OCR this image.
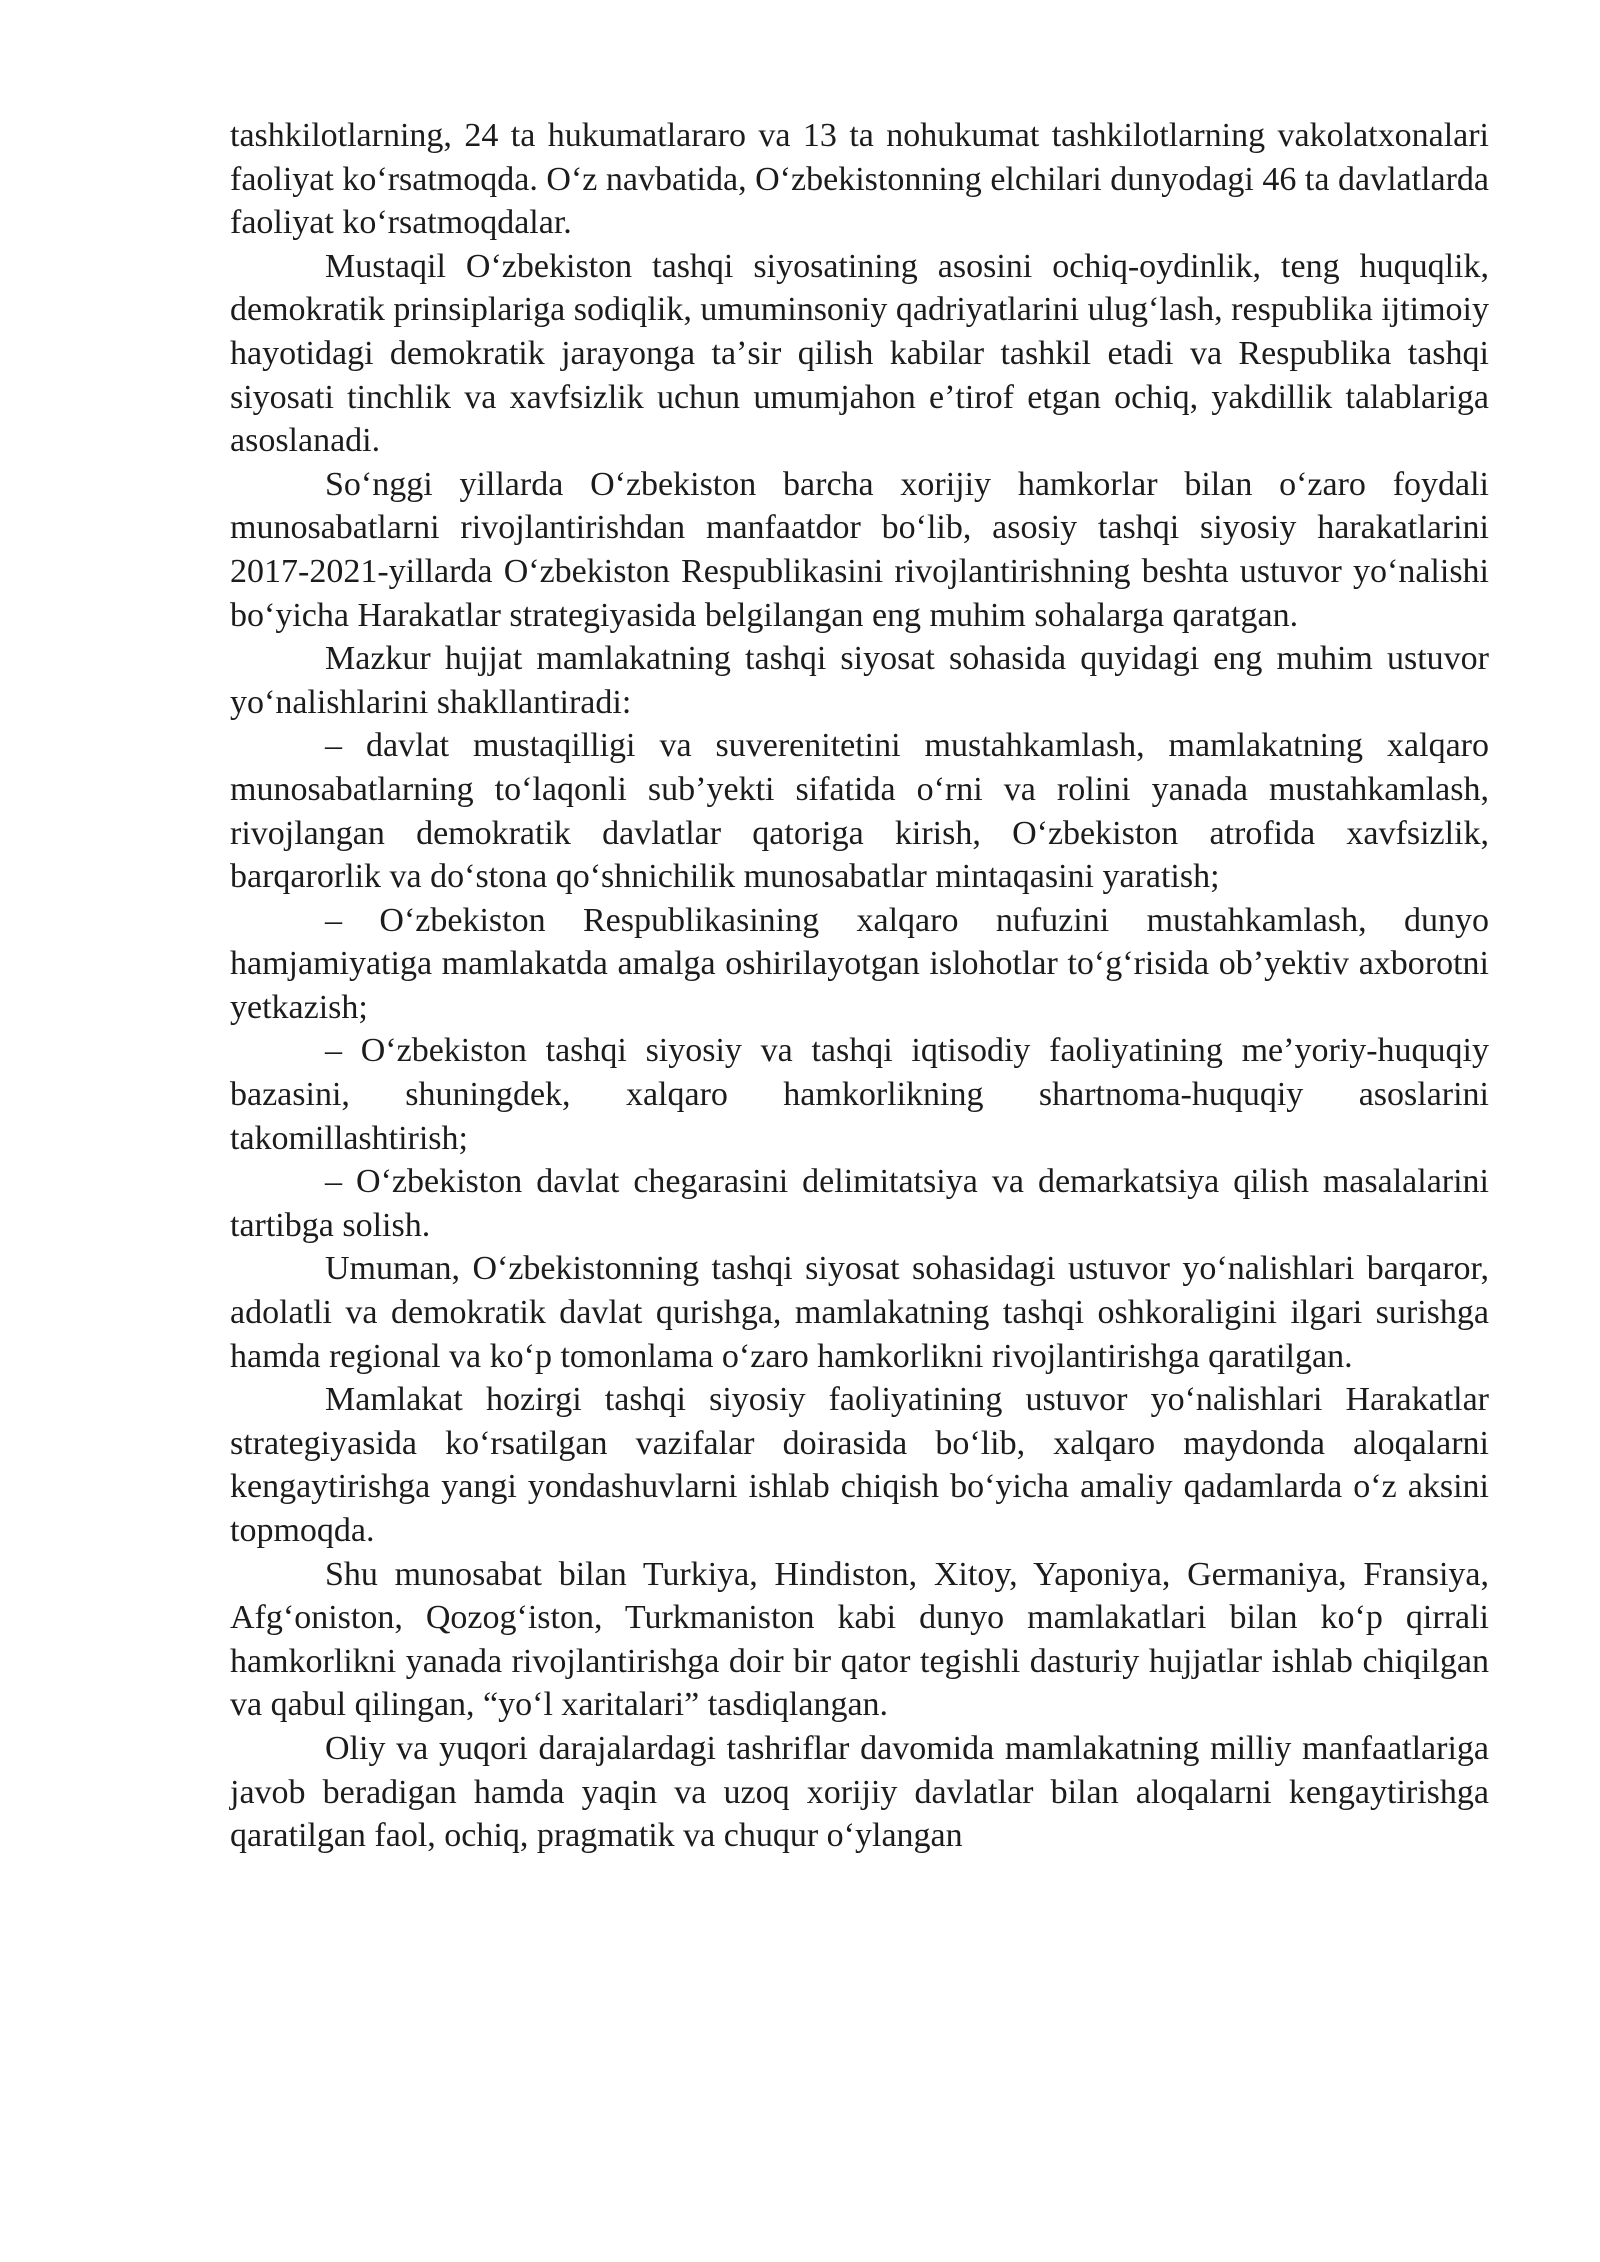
tashkilotlarning, 24 ta hukumatlararo va 13 ta nohukumat tashkilotlarning vakolatxonalari faoliyat koʻrsatmoqda. Oʻz navbatida, Oʻzbekistonning elchilari dunyodagi 46 ta davlatlarda faoliyat koʻrsatmoqdalar.

Mustaqil Oʻzbekiston tashqi siyosatining asosini ochiq-oydinlik, teng huquqlik, demokratik prinsiplariga sodiqlik, umuminsoniy qadriyatlarini ulugʻlash, respublika ijtimoiy hayotidagi demokratik jarayonga taʼsir qilish kabilar tashkil etadi va Respublika tashqi siyosati tinchlik va xavfsizlik uchun umumjahon eʼtirof etgan ochiq, yakdillik talablariga asoslanadi.

Soʻnggi yillarda Oʻzbekiston barcha xorijiy hamkorlar bilan oʻzaro foydali munosabatlarni rivojlantirishdan manfaatdor boʻlib, asosiy tashqi siyosiy harakatlarini 2017-2021-yillarda Oʻzbekiston Respublikasini rivojlantirishning beshta ustuvor yoʻnalishi boʻyicha Harakatlar strategiyasida belgilangan eng muhim sohalarga qaratgan.

Mazkur hujjat mamlakatning tashqi siyosat sohasida quyidagi eng muhim ustuvor yoʻnalishlarini shakllantiradi:

– davlat mustaqilligi va suverenitetini mustahkamlash, mamlakatning xalqaro munosabatlarning toʻlaqonli subʼyekti sifatida oʻrni va rolini yanada mustahkamlash, rivojlangan demokratik davlatlar qatoriga kirish, Oʻzbekiston atrofida xavfsizlik, barqarorlik va doʻstona qoʻshnichilik munosabatlar mintaqasini yaratish;

– Oʻzbekiston Respublikasining xalqaro nufuzini mustahkamlash, dunyo hamjamiyatiga mamlakatda amalga oshirilayotgan islohotlar toʻgʻrisida obʼyektiv axborotni yetkazish;

– Oʻzbekiston tashqi siyosiy va tashqi iqtisodiy faoliyatining meʼyoriy-huquqiy bazasini, shuningdek, xalqaro hamkorlikning shartnoma-huquqiy asoslarini takomillashtirish;

– Oʻzbekiston davlat chegarasini delimitatsiya va demarkatsiya qilish masalalarini tartibga solish.

Umuman, Oʻzbekistonning tashqi siyosat sohasidagi ustuvor yoʻnalishlari barqaror, adolatli va demokratik davlat qurishga, mamlakatning tashqi oshkoraligini ilgari surishga hamda regional va koʻp tomonlama oʻzaro hamkorlikni rivojlantirishga qaratilgan.

Mamlakat hozirgi tashqi siyosiy faoliyatining ustuvor yoʻnalishlari Harakatlar strategiyasida koʻrsatilgan vazifalar doirasida boʻlib, xalqaro maydonda aloqalarni kengaytirishga yangi yondashuvlarni ishlab chiqish boʻyicha amaliy qadamlarda oʻz aksini topmoqda.

Shu munosabat bilan Turkiya, Hindiston, Xitoy, Yaponiya, Germaniya, Fransiya, Afgʻoniston, Qozogʻiston, Turkmaniston kabi dunyo mamlakatlari bilan koʻp qirrali hamkorlikni yanada rivojlantirishga doir bir qator tegishli dasturiy hujjatlar ishlab chiqilgan va qabul qilingan, “yoʻl xaritalari” tasdiqlangan.

Oliy va yuqori darajalardagi tashriflar davomida mamlakatning milliy manfaatlariga javob beradigan hamda yaqin va uzoq xorijiy davlatlar bilan aloqalarni kengaytirishga qaratilgan faol, ochiq, pragmatik va chuqur oʻylangan
